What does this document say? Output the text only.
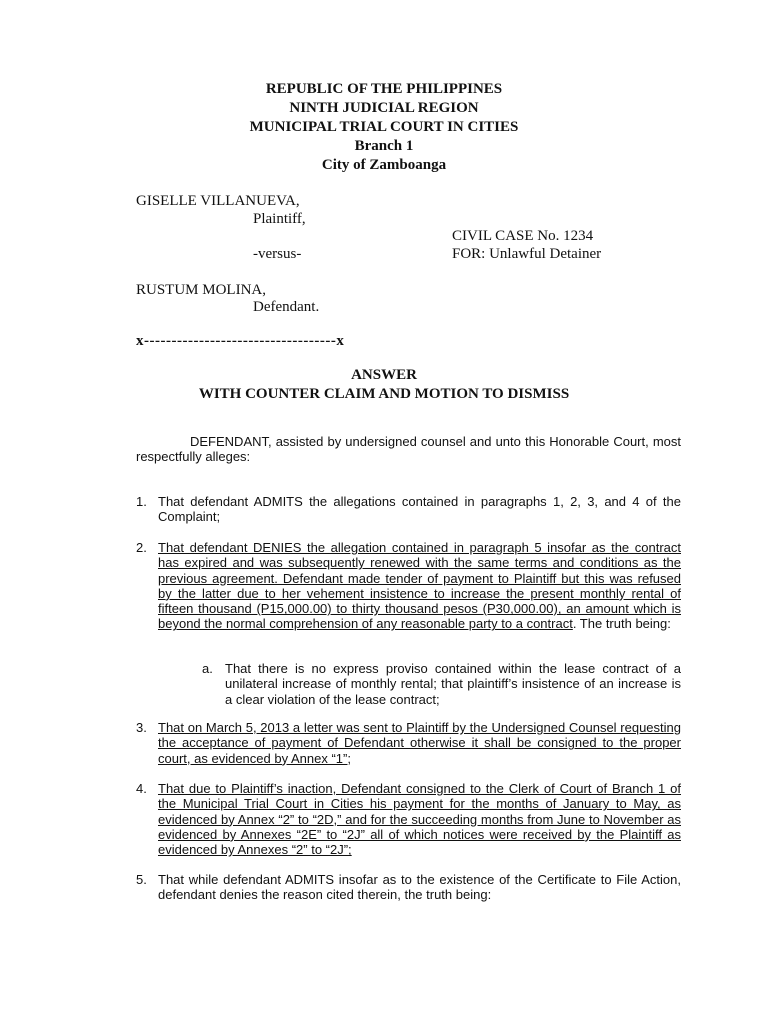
REPUBLIC OF THE PHILIPPINES
NINTH JUDICIAL REGION
MUNICIPAL TRIAL COURT IN CITIES
Branch 1
City of Zamboanga
GISELLE VILLANUEVA,
Plaintiff,
CIVIL CASE No. 1234
-versus-	FOR: Unlawful Detainer
RUSTUM MOLINA,
Defendant.
x-----------------------------------x
ANSWER
WITH COUNTER CLAIM AND MOTION TO DISMISS
DEFENDANT, assisted by undersigned counsel and unto this Honorable Court, most respectfully alleges:
1. That defendant ADMITS the allegations contained in paragraphs 1, 2, 3, and 4 of the Complaint;
2. That defendant DENIES the allegation contained in paragraph 5 insofar as the contract has expired and was subsequently renewed with the same terms and conditions as the previous agreement. Defendant made tender of payment to Plaintiff but this was refused by the latter due to her vehement insistence to increase the present monthly rental of fifteen thousand (P15,000.00) to thirty thousand pesos (P30,000.00), an amount which is beyond the normal comprehension of any reasonable party to a contract. The truth being:
a. That there is no express proviso contained within the lease contract of a unilateral increase of monthly rental; that plaintiff’s insistence of an increase is a clear violation of the lease contract;
3. That on March 5, 2013 a letter was sent to Plaintiff by the Undersigned Counsel requesting the acceptance of payment of Defendant otherwise it shall be consigned to the proper court, as evidenced by Annex “1”;
4. That due to Plaintiff’s inaction, Defendant consigned to the Clerk of Court of Branch 1 of the Municipal Trial Court in Cities his payment for the months of January to May, as evidenced by Annex “2” to “2D,” and for the succeeding months from June to November as evidenced by Annexes “2E” to “2J” all of which notices were received by the Plaintiff as evidenced by Annexes “2” to “2J”;
5. That while defendant ADMITS insofar as to the existence of the Certificate to File Action, defendant denies the reason cited therein, the truth being:
